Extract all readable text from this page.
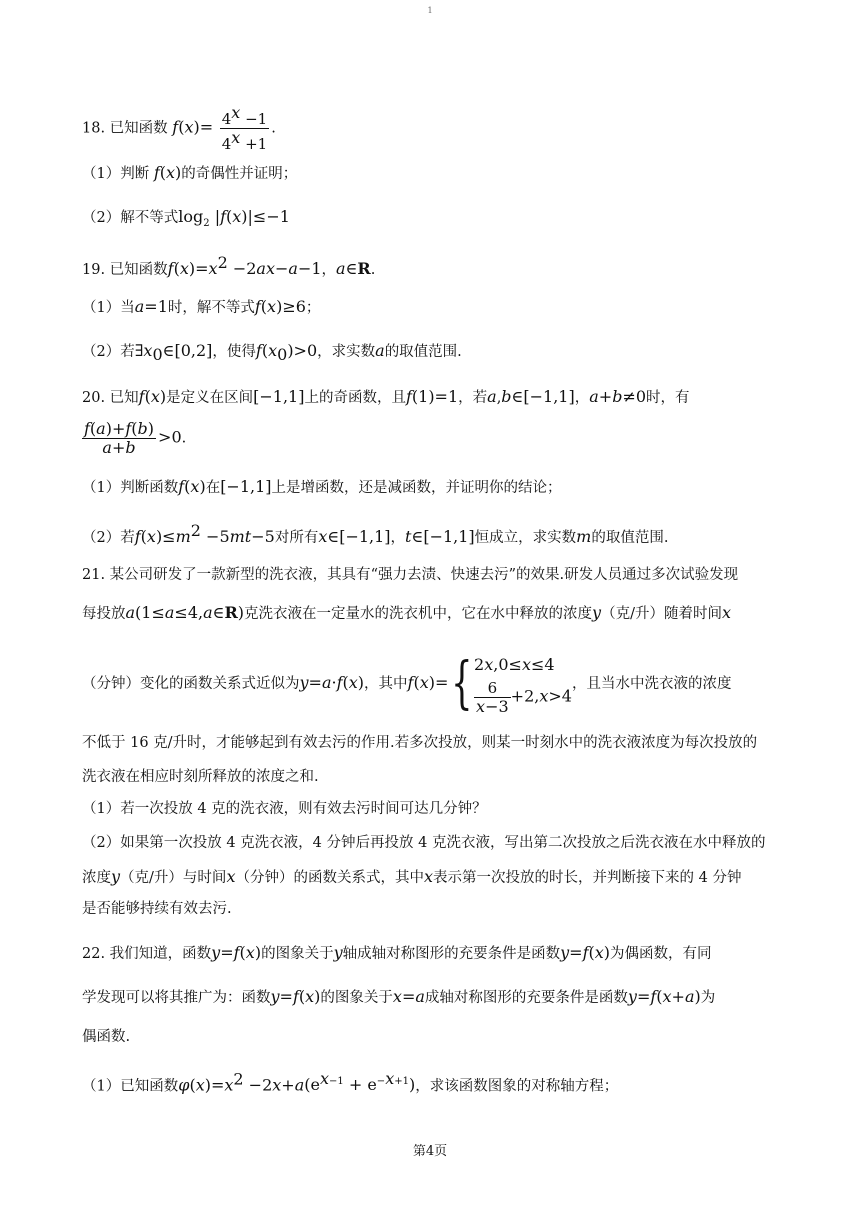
1
18. 已知函数 $f(x)= \frac{4^x -1}{4^x +1}$ .
（1）判断 f(x)的奇偶性并证明；
（2）解不等式$\log_2 |f(x)|\le-1$
19. 已知函数$f(x)=x^2 -2ax-a-1$，a∈R.
（1）当a=1时，解不等式f(x)≥6；
（2）若$\exists x_0\in[0,2]$，使得$f(x_0)>0$，求实数a的取值范围.
20. 已知f(x)是定义在区间[−1,1]上的奇函数，且f(1)=1，若a,b∈[−1,1]，a+b≠0时，有
$\frac{f(a)+f(b)}{a+b} >0$.
（1）判断函数f(x)在[−1,1]上是增函数，还是减函数，并证明你的结论；
（2）若$f(x)\le m^2 -5mt-5$对所有x∈[−1,1]，t∈[−1,1]恒成立，求实数m的取值范围.
21. 某公司研发了一款新型的洗衣液，其具有“强力去渍、快速去污”的效果.研发人员通过多次试验发现
每投放a(1≤a≤4,a∈R)克洗衣液在一定量水的洗衣机中，它在水中释放的浓度y（克/升）随着时间x
（分钟）变化的函数关系式近似为y=a·f(x)，其中f(x)={ 2x,0≤x≤4
$\frac{6}{x-3} +2,x>4$
，且当水中洗衣液的浓度
不低于 16 克/升时，才能够起到有效去污的作用.若多次投放，则某一时刻水中的洗衣液浓度为每次投放的
洗衣液在相应时刻所释放的浓度之和.
（1）若一次投放 4 克的洗衣液，则有效去污时间可达几分钟？
（2）如果第一次投放 4 克洗衣液，4 分钟后再投放 4 克洗衣液，写出第二次投放之后洗衣液在水中释放的
浓度y（克/升）与时间x（分钟）的函数关系式，其中x表示第一次投放的时长，并判断接下来的 4 分钟
是否能够持续有效去污.
22. 我们知道，函数y=f(x)的图象关于y轴成轴对称图形的充要条件是函数y=f(x)为偶函数，有同
学发现可以将其推广为：函数y=f(x)的图象关于x=a成轴对称图形的充要条件是函数y=f(x+a)为
偶函数.
（1）已知函数$\varphi(x)=x^2 -2x+a(e^{x-1} + e^{-x+1})$，求该函数图象的对称轴方程；
第4页
